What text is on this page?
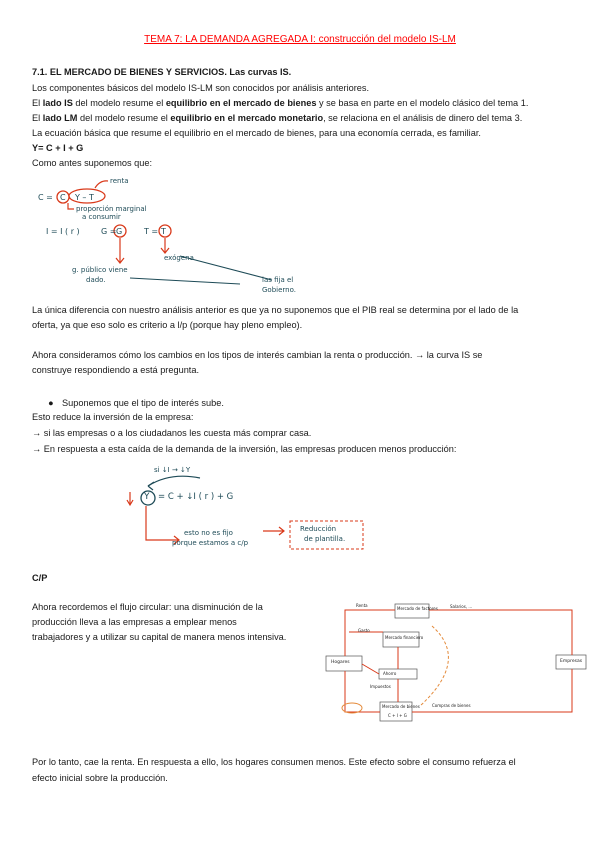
TEMA 7: LA DEMANDA AGREGADA I: construcción del modelo IS-LM
7.1. EL MERCADO DE BIENES Y SERVICIOS. Las curvas IS.
Los componentes básicos del modelo IS-LM son conocidos por análisis anteriores.
El lado IS del modelo resume el equilibrio en el mercado de bienes y se basa en parte en el modelo clásico del tema 1.
El lado LM del modelo resume el equilibrio en el mercado monetario, se relaciona en el análisis de dinero del tema 3.
La ecuación básica que resume el equilibrio en el mercado de bienes, para una economía cerrada, es familiar.
Y= C + I + G
Como antes suponemos que:
C = C Y – T
renta
proporción marginal
a consumir
I = I ( r )	G = G	T = T
exógena
g. público viene
dado.	las fija el
Gobierno.
La única diferencia con nuestro análisis anterior es que ya no suponemos que el PIB real se determina por el lado de la
oferta, ya que eso solo es criterio a l/p (porque hay pleno empleo).
Ahora consideramos cómo los cambios en los tipos de interés cambian la renta o producción. → la curva IS se
construye respondiendo a está pregunta.
● Suponemos que el tipo de interés sube.
Esto reduce la inversión de la empresa:
→ si las empresas o a los ciudadanos les cuesta más comprar casa.
→ En respuesta a esta caída de la demanda de la inversión, las empresas producen menos producción:
si ↓I → ↓Y
Y = C + ↓I ( r ) + G
esto no es fijo
porque estamos a c/p
Reducción
de plantilla.
C/P
Ahora recordemos el flujo circular: una disminución de la
producción lleva a las empresas a emplear menos
trabajadores y a utilizar su capital de manera menos intensiva.
Renta
Mercado de factores	Salarios, ...
Hogares	Empresas
Gasto
Ahorro
Impuestos
Mercado financiero
Mercado de bienes
C + I + G
Compras de bienes
Por lo tanto, cae la renta. En respuesta a ello, los hogares consumen menos. Este efecto sobre el consumo refuerza el
efecto inicial sobre la producción.
